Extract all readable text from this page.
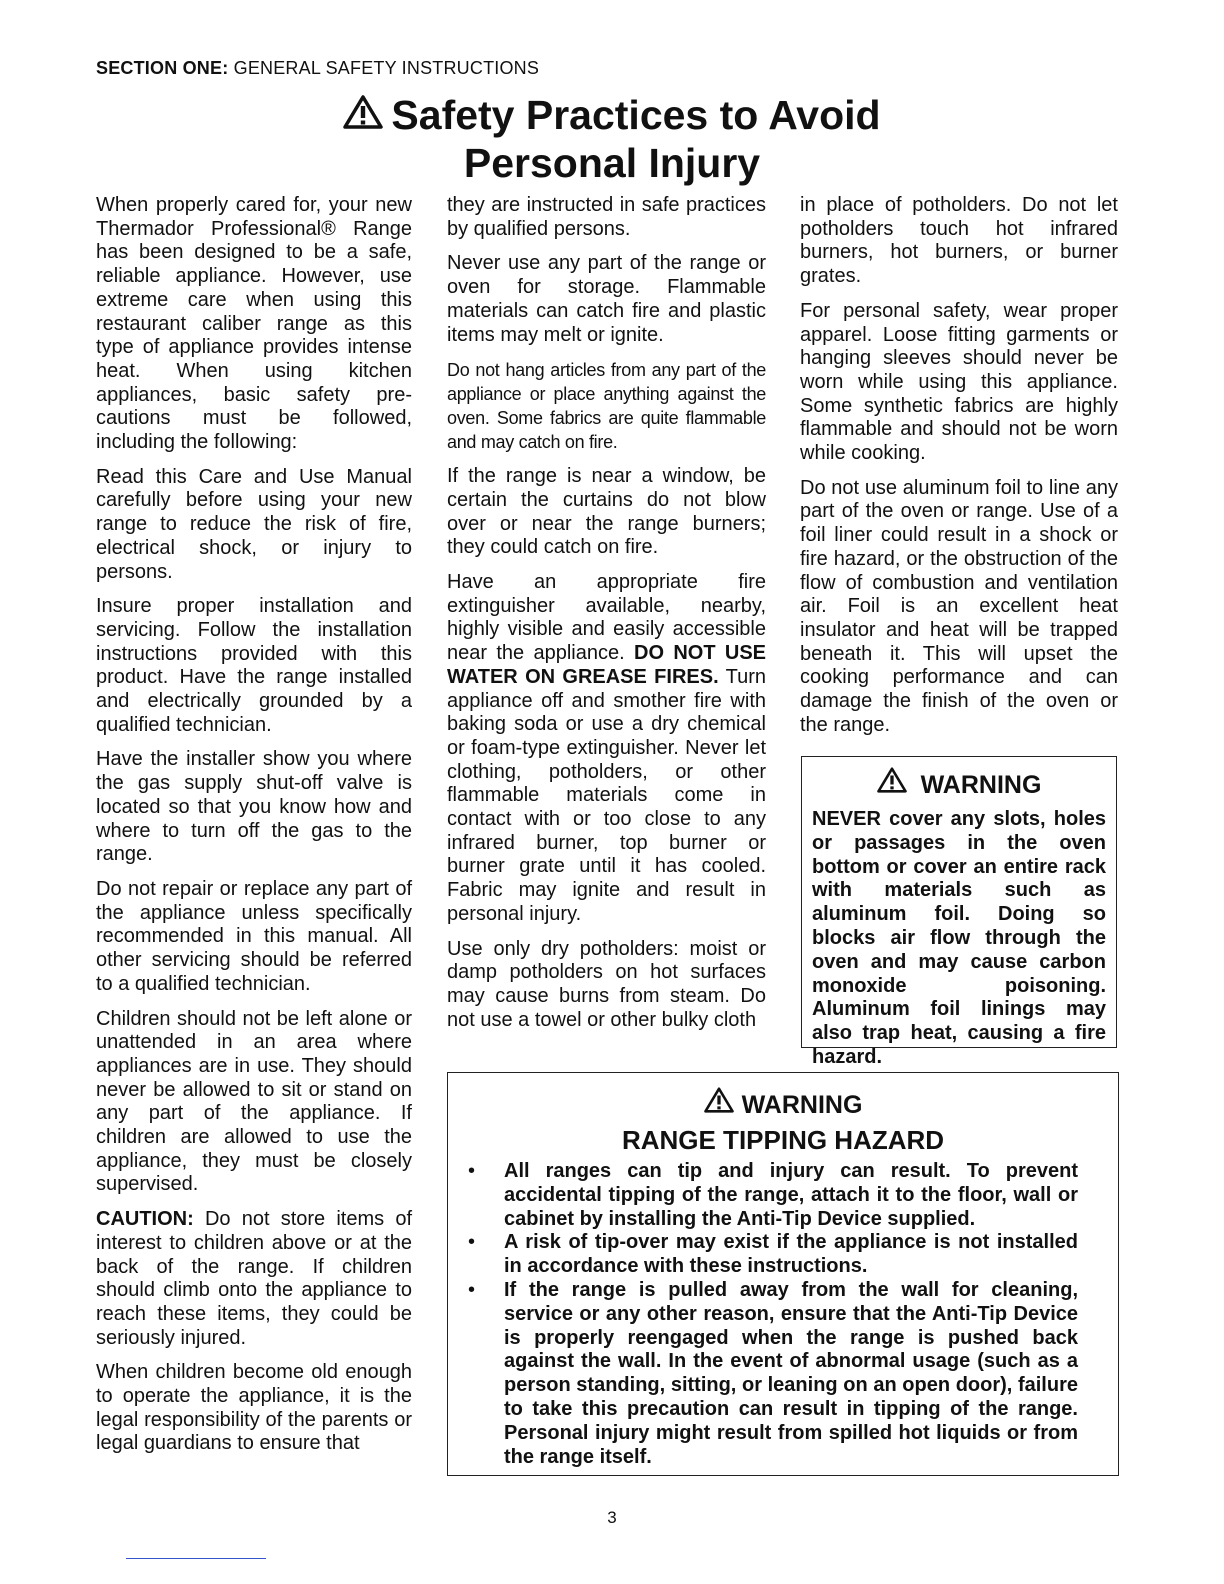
SECTION ONE: GENERAL SAFETY INSTRUCTIONS
Safety Practices to Avoid
Personal Injury

When properly cared for, your new Thermador Professional® Range has been designed to be a safe, reliable appliance. However, use extreme care when using this restaurant caliber range as this type of appliance provides intense heat. When using kitchen appliances, basic safety pre- cautions must be followed, including the following:

Read this Care and Use Manual carefully before using your new range to reduce the risk of fire, electrical shock, or injury to persons.

Insure proper installation and servicing. Follow the installation instructions provided with this product. Have the range installed and electrically grounded by a qualified technician.

Have the installer show you where the gas supply shut-off valve is located so that you know how and where to turn off the gas to the range.

Do not repair or replace any part of the appliance unless specifically recommended in this manual. All other servicing should be referred to a qualified technician.

Children should not be left alone or unattended in an area where appliances are in use. They should never be allowed to sit or stand on any part of the appliance. If children are allowed to use the appliance, they must be closely supervised.

CAUTION: Do not store items of interest to children above or at the back of the range. If children should climb onto the appliance to reach these items, they could be seriously injured.

When children become old enough to operate the appliance, it is the legal responsibility of the parents or legal guardians to ensure that

they are instructed in safe practices by qualified persons.

Never use any part of the range or oven for storage. Flammable materials can catch fire and plastic items may melt or ignite.

Do not hang articles from any part of the appliance or place anything against the oven. Some fabrics are quite flammable and may catch on fire.

If the range is near a window, be certain the curtains do not blow over or near the range burners; they could catch on fire.

Have an appropriate fire extinguisher available, nearby, highly visible and easily accessible near the appliance. DO NOT USE WATER ON GREASE FIRES. Turn appliance off and smother fire with baking soda or use a dry chemical or foam-type extinguisher. Never let clothing, potholders, or other flammable materials come in contact with or too close to any infrared burner, top burner or burner grate until it has cooled. Fabric may ignite and result in personal injury.

Use only dry potholders: moist or damp potholders on hot surfaces may cause burns from steam. Do not use a towel or other bulky cloth

in place of potholders. Do not let potholders touch hot infrared burners, hot burners, or burner grates.

For personal safety, wear proper apparel. Loose fitting garments or hanging sleeves should never be worn while using this appliance. Some synthetic fabrics are highly flammable and should not be worn while cooking.

Do not use aluminum foil to line any part of the oven or range. Use of a foil liner could result in a shock or fire hazard, or the obstruction of the flow of combustion and ventilation air. Foil is an excellent heat insulator and heat will be trapped beneath it. This will upset the cooking performance and can damage the finish of the oven or the range.

WARNING
NEVER cover any slots, holes or passages in the oven bottom or cover an entire rack with materials such as aluminum foil. Doing so blocks air flow through the oven and may cause carbon monoxide poisoning. Aluminum foil linings may also trap heat, causing a fire hazard.
WARNING
RANGE TIPPING HAZARD
• All ranges can tip and injury can result. To prevent accidental tipping of the range, attach it to the floor, wall or cabinet by installing the Anti-Tip Device supplied.
• A risk of tip-over may exist if the appliance is not installed in accordance with these instructions.
• If the range is pulled away from the wall for cleaning, service or any other reason, ensure that the Anti-Tip Device is properly reengaged when the range is pushed back against the wall. In the event of abnormal usage (such as a person standing, sitting, or leaning on an open door), failure to take this precaution can result in tipping of the range. Personal injury might result from spilled hot liquids or from the range itself.
3
